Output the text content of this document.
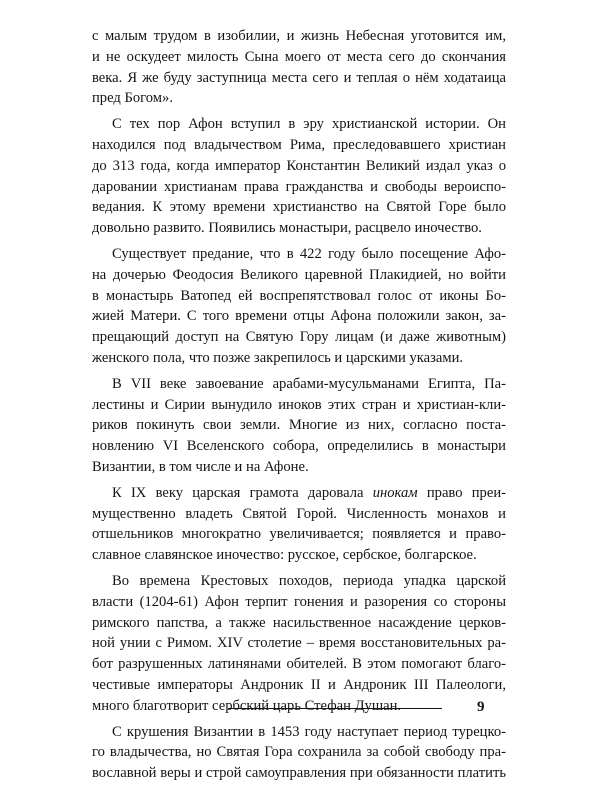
с малым трудом в изобилии, и жизнь Небесная уготовится им,
и не оскудеет милость Сына моего от места сего до скончания
века. Я же буду заступница места сего и теплая о нём ходатаица
пред Богом».
С тех пор Афон вступил в эру христианской истории. Он
находился под владычеством Рима, преследовавшего христиан
до 313 года, когда император Константин Великий издал указ о
даровании христианам права гражданства и свободы вероиспо-
ведания. К этому времени христианство на Святой Горе было
довольно развито. Появились монастыри, расцвело иночество.
Существует предание, что в 422 году было посещение Афо-
на дочерью Феодосия Великого царевной Плакидией, но войти
в монастырь Ватопед ей воспрепятствовал голос от иконы Бо-
жией Матери. С того времени отцы Афона положили закон, за-
прещающий доступ на Святую Гору лицам (и даже животным)
женского пола, что позже закрепилось и царскими указами.
В VII веке завоевание арабами-мусульманами Египта, Па-
лестины и Сирии вынудило иноков этих стран и христиан-кли-
риков покинуть свои земли. Многие из них, согласно поста-
новлению VI Вселенского собора, определились в монастыри
Византии, в том числе и на Афоне.
К IX веку царская грамота даровала инокам право преи-
мущественно владеть Святой Горой. Численность монахов и
отшельников многократно увеличивается; появляется и право-
славное славянское иночество: русское, сербское, болгарское.
Во времена Крестовых походов, периода упадка царской
власти (1204-61) Афон терпит гонения и разорения со стороны
римского папства, а также насильственное насаждение церков-
ной унии с Римом. XIV столетие – время восстановительных ра-
бот разрушенных латинянами обителей. В этом помогают благо-
честивые императоры Андроник II и Андроник III Палеологи,
много благотворит сербский царь Стефан Душан.
С крушения Византии в 1453 году наступает период турецко-
го владычества, но Святая Гора сохранила за собой свободу пра-
вославной веры и строй самоуправления при обязанности платить
9
